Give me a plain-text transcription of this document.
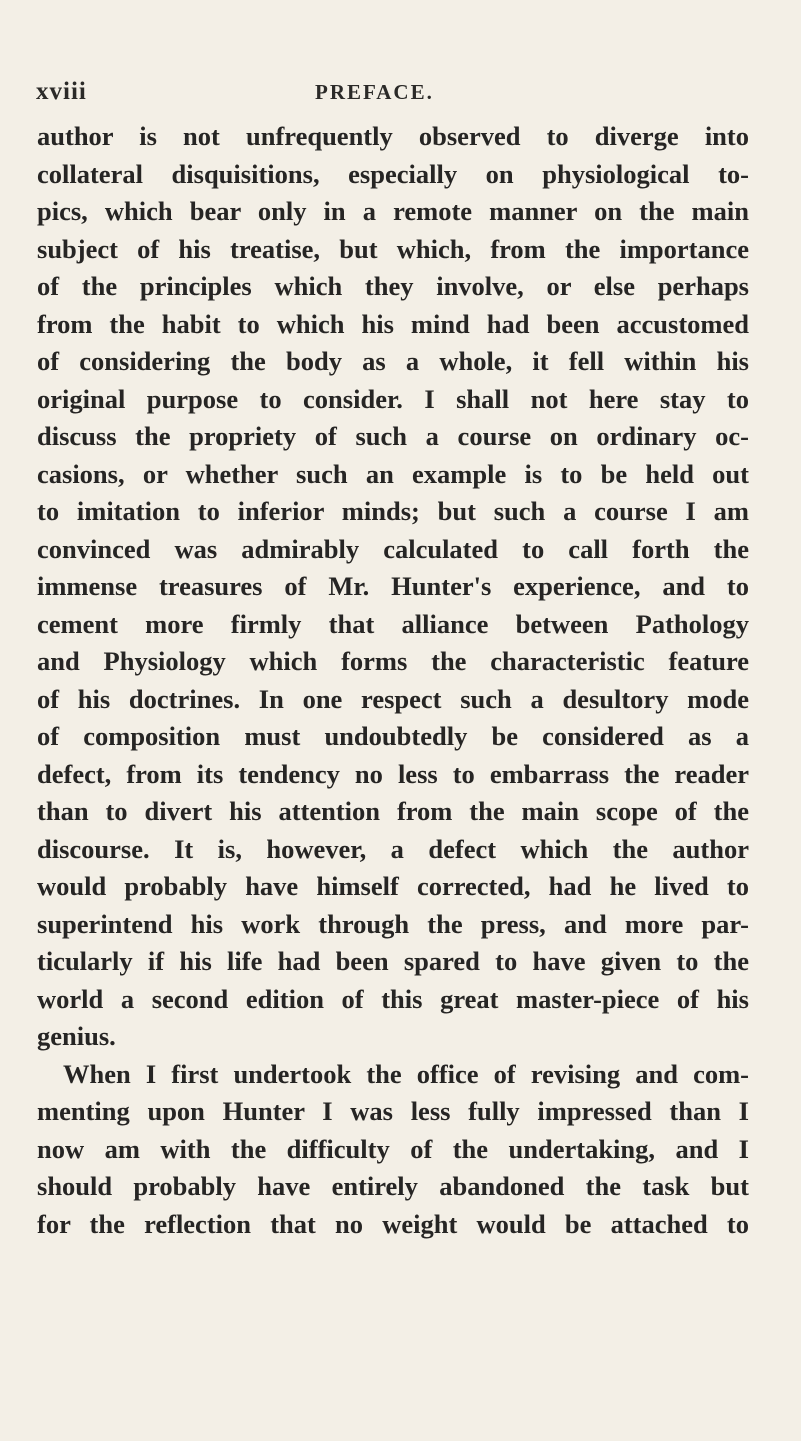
xviii	PREFACE.
author is not unfrequently observed to diverge into
collateral disquisitions, especially on physiological to-
pics, which bear only in a remote manner on the main
subject of his treatise, but which, from the importance
of the principles which they involve, or else perhaps
from the habit to which his mind had been accustomed
of considering the body as a whole, it fell within his
original purpose to consider. I shall not here stay to
discuss the propriety of such a course on ordinary oc-
casions, or whether such an example is to be held out
to imitation to inferior minds; but such a course I am
convinced was admirably calculated to call forth the
immense treasures of Mr. Hunter's experience, and to
cement more firmly that alliance between Pathology
and Physiology which forms the characteristic feature
of his doctrines. In one respect such a desultory mode
of composition must undoubtedly be considered as a
defect, from its tendency no less to embarrass the reader
than to divert his attention from the main scope of the
discourse. It is, however, a defect which the author
would probably have himself corrected, had he lived to
superintend his work through the press, and more par-
ticularly if his life had been spared to have given to the
world a second edition of this great master-piece of his
genius.
When I first undertook the office of revising and com-
menting upon Hunter I was less fully impressed than I
now am with the difficulty of the undertaking, and I
should probably have entirely abandoned the task but
for the reflection that no weight would be attached to
